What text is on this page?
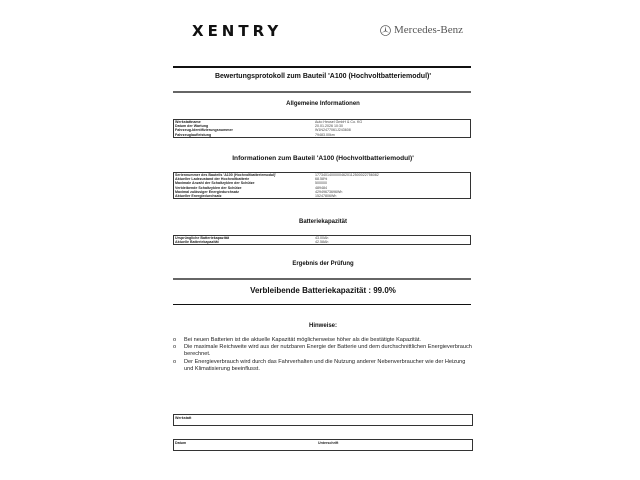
XENTRY	Mercedes-Benz
Bewertungsprotokoll zum Bauteil 'A100 (Hochvoltbatteriemodul)'
Allgemeine Informationen
Werkstattname	Auto Heusel GmbH & Co. KG
Datum der Wartung	20.01.2026 10:30
Fahrzeug-Identifizierungsnummer	W1N2477061J243608
Fahrzeuglaufleistung	79483.00km
Informationen zum Bauteil 'A100 (Hochvoltbatteriemodul)'
Seriennummer des Bauteils 'A100 (Hochvoltbatteriemodul)'	17734014000004620112500022756082
Aktueller Ladezustand der Hochvoltbatterie	68.58%
Maximale Anzahl der Schaltzyklen der Schütze	500000
Verbleibende Schaltzyklen der Schütze	489484
Maximal zulässiger Energiedurchsatz	42949673696Wh
Aktueller Energiedurchsatz	15247806Wh
Batteriekapazität
Ursprüngliche Batteriekapazität	43.00Ah
Aktuelle Batteriekapazität	42.58Ah
Ergebnis der Prüfung
Verbleibende Batteriekapazität : 99.0%
Hinweise:
o Bei neuen Batterien ist die aktuelle Kapazität möglicherweise höher als die bestätigte Kapazität.
o Die maximale Reichweite wird aus der nutzbaren Energie der Batterie und dem durchschnittlichen Energieverbrauch berechnet.
o Der Energieverbrauch wird durch das Fahrverhalten und die Nutzung anderer Nebenverbraucher wie der Heizung und Klimatisierung beeinflusst.
Werkstatt
Datum	Unterschrift
